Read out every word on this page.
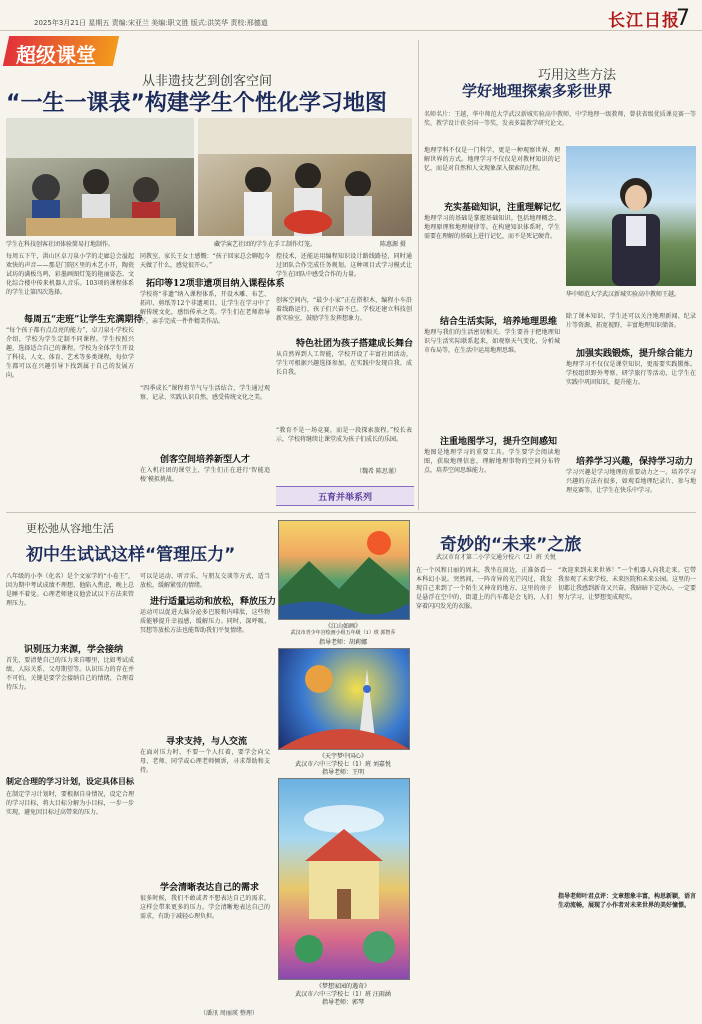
2025年3月21日 星期五 责编:宋亚兰 美编:职文胜 版式:洪笑华 责校:邢德道	长江日报
7
超级课堂
从非遗技艺到创客空间
“一生一课表”构建学生个性化学习地图
学生在科技创客社团体验简易打地制作。	藏学演艺社团的学生在手工制作灯笼。	陈惠源 摄
每周五下午，洪山区卓刀泉小学的走廊总会溢起欢快的声音——那是门院区里的木艺小开，陶瓷试坊的满板鸟鸣，彩墨画图灯笼的艳丽姿态。文化综合楼中传来机器人音乐。103项的课程体系的学生让第四次选择。
每周五“走班”让学生充满期待
“每个孩子都有点点亮的能力”，卓刀泉小学校长介绍，学校为学生定制不同课程。学生按照兴趣，选择适合自己的课程，学校为全体学生开设了科技、人文、体育、艺术等多类课程，每位学生都可以在兴趣引导下找到属于自己的发展方向。
同教室，家长王女士感慨：“孩子回家总会聊起今天做了什么，感觉很开心。”
拓印等12项非遗项目纳入课程体系
学校将“非遗”纳入课程体系，开设木雕、布艺、拓印、剪纸等12个非遗项目，让学生在学习中了解传统文化，感悟传承之美。学生们在老师指导下，亲手完成一件件精美作品。
“四季成长”课程将节气与生活结合，学生通过观察、记录、实践认识自然，感受传统文化之美。
创客空间培养新型人才
在入机社团的课堂上，学生们正在进行‘智能追梭’模拟挑战。
控技术，还能运用编程知识设计路线路径，同时通过团队合作完成任务规划。这种项目式学习模式让学生在团队中感受合作的力量。
创客空间内，“最少小家”正在搭积木，编程小车沿着线路运行，孩子们兴奋不已。学校还建立科技创新实验室，鼓励学生发挥想象力。
特色社团为孩子搭建成长舞台
从自然界到人工智能，学校开设了丰富社团活动，学生可根据兴趣选择参加，在实践中发现自我、成长自我。
“教育不是一场竞赛，而是一段探索旅程。”校长表示，学校将继续让课堂成为孩子们成长的乐园。
（魏希 陈思谨）
五育并举系列
巧用这些方法
学好地理探索多彩世界
名师名片：王越，华中师范大学武汉新城实验高中教师，中学地理一级教师，曾获省级优质课竞赛一等奖，教学设计获全国一等奖，发表多篇教学研究论文。
地理学科不仅是一门科学，更是一种观察世界、理解世界的方式。地理学习不仅仅是对教材知识的记忆，而是对自然和人文现象深入探索的过程。
充实基础知识，注重理解记忆
地理学习的基础是掌握基础知识。包括地理概念、地理原理和地理规律等。在构建知识体系时，学生需要在理解的基础上进行记忆，而不是死记硬背。
结合生活实际，培养地理思维
地理与我们的生活密切相关。学生要善于把地理知识与生活实际联系起来，如观察天气变化、分析城市布局等，在生活中运用地理思维。
华中师范大学武汉新城实验高中教师王越。
除了课本知识，学生还可以关注地理新闻、纪录片等资源，拓宽视野，丰富地理知识储备。
加强实践锻炼，提升综合能力
地理学习不仅仅是课堂知识，更需要实践锻炼。学校组织野外考察、研学旅行等活动，让学生在实践中巩固知识，提升能力。
培养学习兴趣，保持学习动力
学习兴趣是学习地理的重要动力之一。培养学习兴趣的方法有很多，如观看地理纪录片、参与地理竞赛等，让学生在快乐中学习。
注重地图学习，提升空间感知
地图是地理学习的重要工具。学生要学会阅读地图，获取地理信息，理解地理事物的空间分布特点，培养空间思维能力。
更松弛从容地生活
初中生试试这样“管理压力”
八年级的小李（化名）是个文家学的“小卷王”，因为期中考试成绩不理想，他陷入焦虑，晚上总是睡不着觉。心理老师建议他尝试以下方法来管理压力。
识别压力来源，学会接纳
首先，要清楚自己的压力来自哪里，比如考试成绩、人际关系、父母期望等。认识压力的存在并不可怕，关键是要学会接纳自己的情绪，合理看待压力。
制定合理的学习计划，设定具体目标
在制定学习计划时，要根据自身情况，设定合理的学习目标，将大目标分解为小目标，一步一步实现，避免因目标过高带来的压力。
可以是运动、听音乐、与朋友交谈等方式，适当放松，缓解紧张的情绪。
进行适量运动和放松，释放压力
运动可以促进大脑分泌多巴胺和内啡肽，这些物质能够提升幸福感，缓解压力。同时，深呼吸、冥想等放松方法也能帮助我们平复情绪。
寻求支持，与人交流
在面对压力时，不要一个人扛着，要学会向父母、老师、同学或心理老师倾诉，寻求帮助和支持。
学会清晰表达自己的需求
很多时候，我们不敢或者不想表达自己的需求，这样会带来更多的压力。学会清晰地表达自己的需求，有助于减轻心理负担。
（潘汛 周丽瑛 整理）
《江山如画》
武汉市青少年宫绘画小组五年级（1）班 郭智乔
指导老师：胡莉娜
《天宇梦中国心》
武汉市六中三学校七（1）班 刘嘉悦
指导老师：王明
《梦想家园的遇奇》
武汉市六中三学校七（1）班 汪雨涵
指导老师：郭琴
奇妙的“未来”之旅
武汉市育才第二小学交通分校六（2）班 关悦
在一个风和日丽的周末，我坐在窗边，正准备看一本科幻小说。突然间，一阵奇异的光芒闪过，我发现自己来到了一个陌生又神奇的地方。这里的房子是悬浮在空中的，街道上的汽车都是会飞的，人们穿着闪闪发光的衣服。
“欢迎来到未来世界！”一个机器人向我走来。它带我参观了未来学校、未来医院和未来公园。这里的一切都让我感到新奇又兴奋。我暗暗下定决心，一定要努力学习，让梦想变成现实。
指导老师叶君点评：文章想象丰富，构思新颖，语言生动流畅，展现了小作者对未来世界的美好憧憬。
